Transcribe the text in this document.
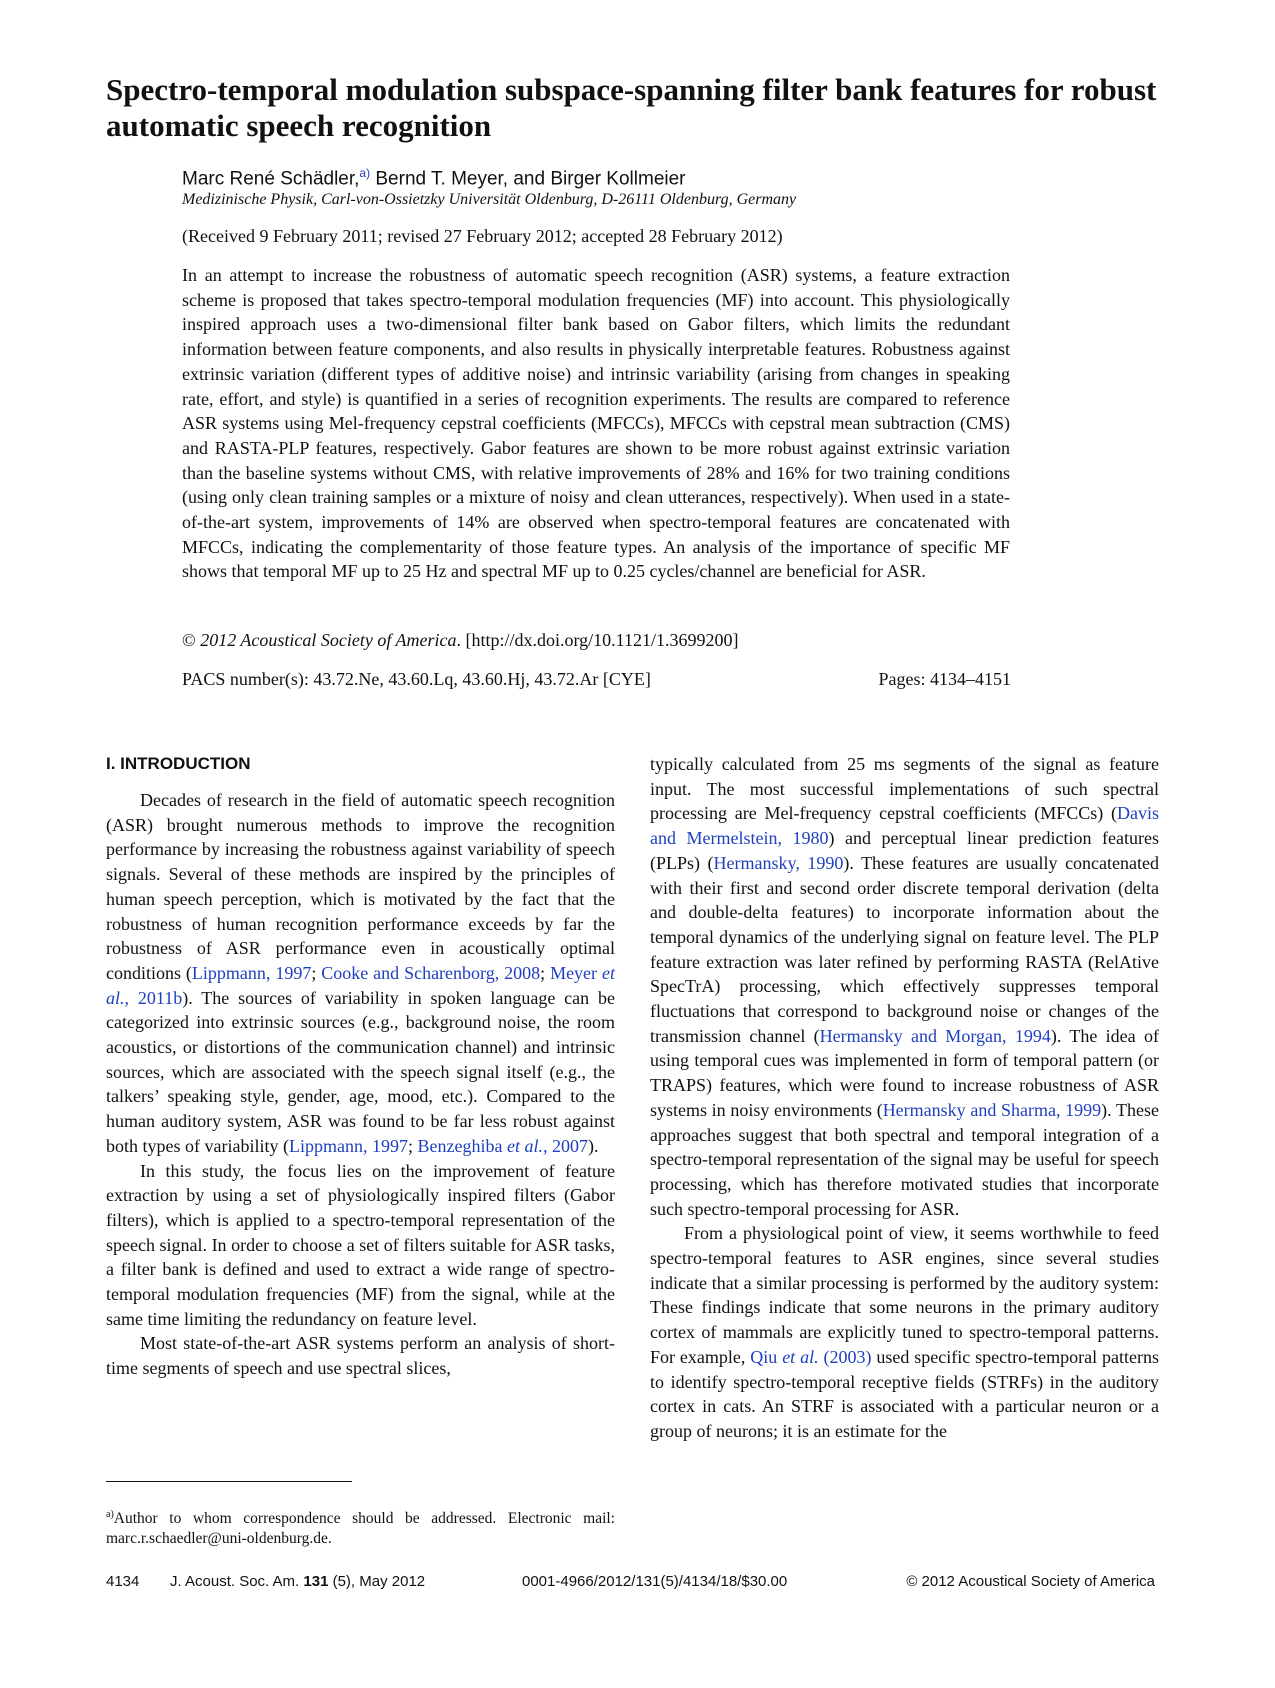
Spectro-temporal modulation subspace-spanning filter bank features for robust automatic speech recognition
Marc René Schädler,$^{a)}$ Bernd T. Meyer, and Birger Kollmeier
Medizinische Physik, Carl-von-Ossietzky Universität Oldenburg, D-26111 Oldenburg, Germany
(Received 9 February 2011; revised 27 February 2012; accepted 28 February 2012)

In an attempt to increase the robustness of automatic speech recognition (ASR) systems, a feature extraction scheme is proposed that takes spectro-temporal modulation frequencies (MF) into account. This physiologically inspired approach uses a two-dimensional filter bank based on Gabor filters, which limits the redundant information between feature components, and also results in physically interpretable features. Robustness against extrinsic variation (different types of additive noise) and intrinsic variability (arising from changes in speaking rate, effort, and style) is quantified in a series of recognition experiments. The results are compared to reference ASR systems using Mel-frequency cepstral coefficients (MFCCs), MFCCs with cepstral mean subtraction (CMS) and RASTA-PLP features, respectively. Gabor features are shown to be more robust against extrinsic variation than the baseline systems without CMS, with relative improvements of 28% and 16% for two training conditions (using only clean training samples or a mixture of noisy and clean utterances, respectively). When used in a state-of-the-art system, improvements of 14% are observed when spectro-temporal features are concatenated with MFCCs, indicating the complementarity of those feature types. An analysis of the importance of specific MF shows that temporal MF up to 25 Hz and spectral MF up to 0.25 cycles/channel are beneficial for ASR.

© 2012 Acoustical Society of America. [http://dx.doi.org/10.1121/1.3699200]
PACS number(s): 43.72.Ne, 43.60.Lq, 43.60.Hj, 43.72.Ar [CYE]	Pages: 4134–4151
I. INTRODUCTION

Decades of research in the field of automatic speech recognition (ASR) brought numerous methods to improve the recognition performance by increasing the robustness against variability of speech signals. Several of these methods are inspired by the principles of human speech perception, which is motivated by the fact that the robustness of human recognition performance exceeds by far the robustness of ASR performance even in acoustically optimal conditions (Lippmann, 1997; Cooke and Scharenborg, 2008; Meyer et al., 2011b). The sources of variability in spoken language can be categorized into extrinsic sources (e.g., background noise, the room acoustics, or distortions of the communication channel) and intrinsic sources, which are associated with the speech signal itself (e.g., the talkers’ speaking style, gender, age, mood, etc.). Compared to the human auditory system, ASR was found to be far less robust against both types of variability (Lippmann, 1997; Benzeghiba et al., 2007).

In this study, the focus lies on the improvement of feature extraction by using a set of physiologically inspired filters (Gabor filters), which is applied to a spectro-temporal representation of the speech signal. In order to choose a set of filters suitable for ASR tasks, a filter bank is defined and used to extract a wide range of spectro-temporal modulation frequencies (MF) from the signal, while at the same time limiting the redundancy on feature level.

Most state-of-the-art ASR systems perform an analysis of short-time segments of speech and use spectral slices,

typically calculated from 25 ms segments of the signal as feature input. The most successful implementations of such spectral processing are Mel-frequency cepstral coefficients (MFCCs) (Davis and Mermelstein, 1980) and perceptual linear prediction features (PLPs) (Hermansky, 1990). These features are usually concatenated with their first and second order discrete temporal derivation (delta and double-delta features) to incorporate information about the temporal dynamics of the underlying signal on feature level. The PLP feature extraction was later refined by performing RASTA (RelAtive SpecTrA) processing, which effectively suppresses temporal fluctuations that correspond to background noise or changes of the transmission channel (Hermansky and Morgan, 1994). The idea of using temporal cues was implemented in form of temporal pattern (or TRAPS) features, which were found to increase robustness of ASR systems in noisy environments (Hermansky and Sharma, 1999). These approaches suggest that both spectral and temporal integration of a spectro-temporal representation of the signal may be useful for speech processing, which has therefore motivated studies that incorporate such spectro-temporal processing for ASR.

From a physiological point of view, it seems worthwhile to feed spectro-temporal features to ASR engines, since several studies indicate that a similar processing is performed by the auditory system: These findings indicate that some neurons in the primary auditory cortex of mammals are explicitly tuned to spectro-temporal patterns. For example, Qiu et al. (2003) used specific spectro-temporal patterns to identify spectro-temporal receptive fields (STRFs) in the auditory cortex in cats. An STRF is associated with a particular neuron or a group of neurons; it is an estimate for the

$^{a)}$Author to whom correspondence should be addressed. Electronic mail: marc.r.schaedler@uni-oldenburg.de.
4134 J. Acoust. Soc. Am. 131 (5), May 2012	0001-4966/2012/131(5)/4134/18/$30.00	© 2012 Acoustical Society of America
